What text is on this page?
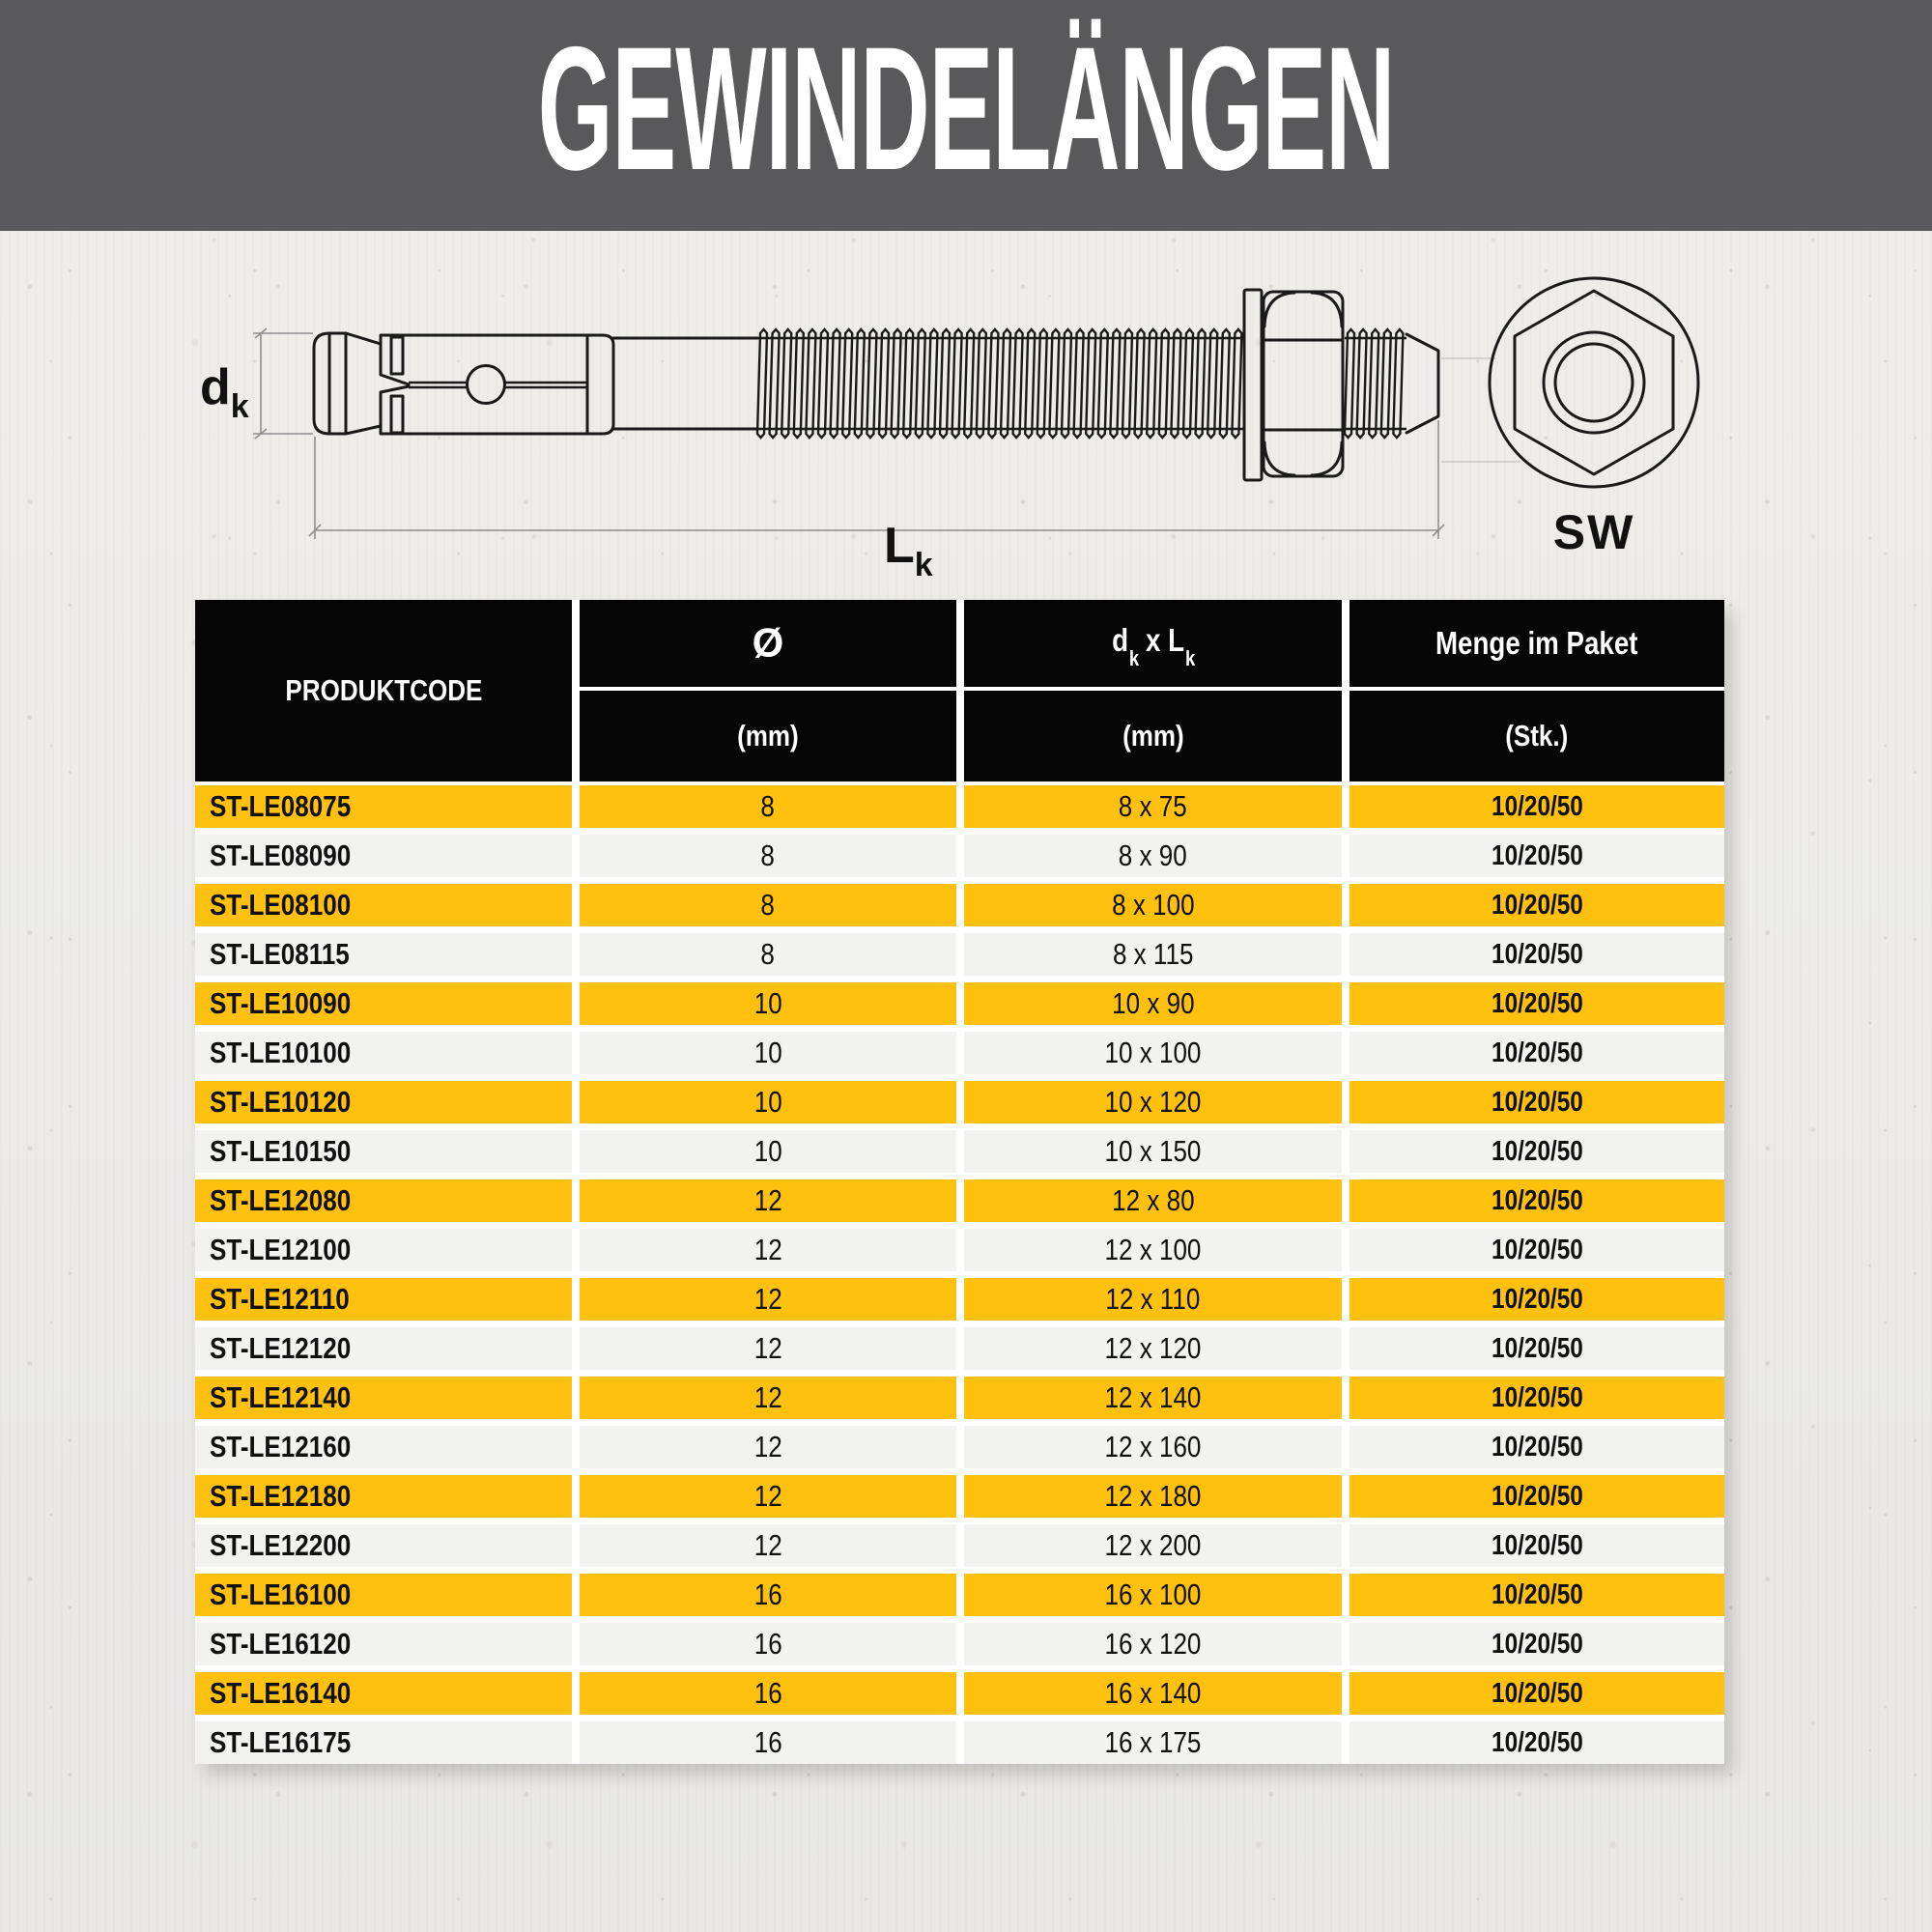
GEWINDELÄNGEN
$d_k$
$L_k$
SW
PRODUKTCODE
Ø	$d_k$ x $L_k$	Menge im Paket
(mm)	(mm)	(Stk.)
ST-LE08075	8	8 x 75	10/20/50
ST-LE08090	8	8 x 90	10/20/50
ST-LE08100	8	8 x 100	10/20/50
ST-LE08115	8	8 x 115	10/20/50
ST-LE10090	10	10 x 90	10/20/50
ST-LE10100	10	10 x 100	10/20/50
ST-LE10120	10	10 x 120	10/20/50
ST-LE10150	10	10 x 150	10/20/50
ST-LE12080	12	12 x 80	10/20/50
ST-LE12100	12	12 x 100	10/20/50
ST-LE12110	12	12 x 110	10/20/50
ST-LE12120	12	12 x 120	10/20/50
ST-LE12140	12	12 x 140	10/20/50
ST-LE12160	12	12 x 160	10/20/50
ST-LE12180	12	12 x 180	10/20/50
ST-LE12200	12	12 x 200	10/20/50
ST-LE16100	16	16 x 100	10/20/50
ST-LE16120	16	16 x 120	10/20/50
ST-LE16140	16	16 x 140	10/20/50
ST-LE16175	16	16 x 175	10/20/50
